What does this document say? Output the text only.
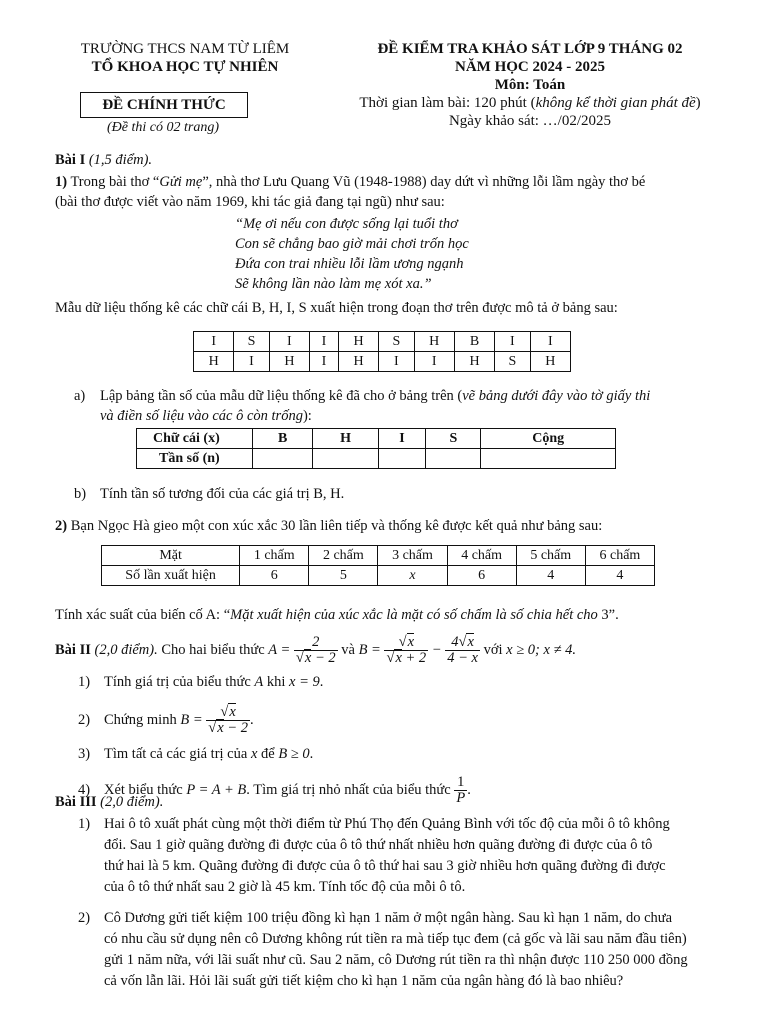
TRƯỜNG THCS NAM TỪ LIÊM
TỔ KHOA HỌC TỰ NHIÊN
ĐỀ CHÍNH THỨC
(Đề thi có 02 trang)
ĐỀ KIỂM TRA KHẢO SÁT LỚP 9 THÁNG 02
NĂM HỌC 2024 - 2025
Môn: Toán
Thời gian làm bài: 120 phút (không kể thời gian phát đề)
Ngày khảo sát: …/02/2025
Bài I (1,5 điểm).
1) Trong bài thơ “Gửi mẹ”, nhà thơ Lưu Quang Vũ (1948-1988) day dứt vì những lỗi lầm ngày thơ bé
(bài thơ được viết vào năm 1969, khi tác giả đang tại ngũ) như sau:
“Mẹ ơi nếu con được sống lại tuổi thơ
Con sẽ chẳng bao giờ mải chơi trốn học
Đứa con trai nhiều lỗi lầm ương ngạnh
Sẽ không lần nào làm mẹ xót xa.”
Mẫu dữ liệu thống kê các chữ cái B, H, I, S xuất hiện trong đoạn thơ trên được mô tả ở bảng sau:
I	S	I	I	H	S	H	B	I	I
H	I	H	I	H	I	I	H	S	H
a) Lập bảng tần số của mẫu dữ liệu thống kê đã cho ở bảng trên (vẽ bảng dưới đây vào tờ giấy thi
và điền số liệu vào các ô còn trống):
Chữ cái (x)	B	H	I	S	Cộng
Tần số (n)					
b) Tính tần số tương đối của các giá trị B, H.
2) Bạn Ngọc Hà gieo một con xúc xắc 30 lần liên tiếp và thống kê được kết quả như bảng sau:
Mặt	1 chấm	2 chấm	3 chấm	4 chấm	5 chấm	6 chấm
Số lần xuất hiện	6	5	x	6	4	4
Tính xác suất của biến cố A: “Mặt xuất hiện của xúc xắc là mặt có số chấm là số chia hết cho 3”.
Bài II (2,0 điểm). Cho hai biểu thức $A = \frac{2}{√x - 2}$ và $B = \frac{√x}{√x + 2} - \frac{4√x}{4 - x}$ với x ≥ 0; x ≠ 4.
1) Tính giá trị của biểu thức A khi x = 9.
2) Chứng minh $B = \frac{√x}{√x - 2}$ .
3) Tìm tất cả các giá trị của x để B ≥ 0.
4) Xét biểu thức P = A + B. Tìm giá trị nhỏ nhất của biểu thức $\frac{1}{P}$ .
Bài III (2,0 điểm).
1) Hai ô tô xuất phát cùng một thời điểm từ Phú Thọ đến Quảng Bình với tốc độ của mỗi ô tô không
đổi. Sau 1 giờ quãng đường đi được của ô tô thứ nhất nhiều hơn quãng đường đi được của ô tô
thứ hai là 5 km. Quãng đường đi được của ô tô thứ hai sau 3 giờ nhiều hơn quãng đường đi được
của ô tô thứ nhất sau 2 giờ là 45 km. Tính tốc độ của mỗi ô tô.
2) Cô Dương gửi tiết kiệm 100 triệu đồng kì hạn 1 năm ở một ngân hàng. Sau kì hạn 1 năm, do chưa
có nhu cầu sử dụng nên cô Dương không rút tiền ra mà tiếp tục đem (cả gốc và lãi sau năm đầu tiên)
gửi 1 năm nữa, với lãi suất như cũ. Sau 2 năm, cô Dương rút tiền ra thì nhận được 110 250 000 đồng
cả vốn lẫn lãi. Hỏi lãi suất gửi tiết kiệm cho kì hạn 1 năm của ngân hàng đó là bao nhiêu?
